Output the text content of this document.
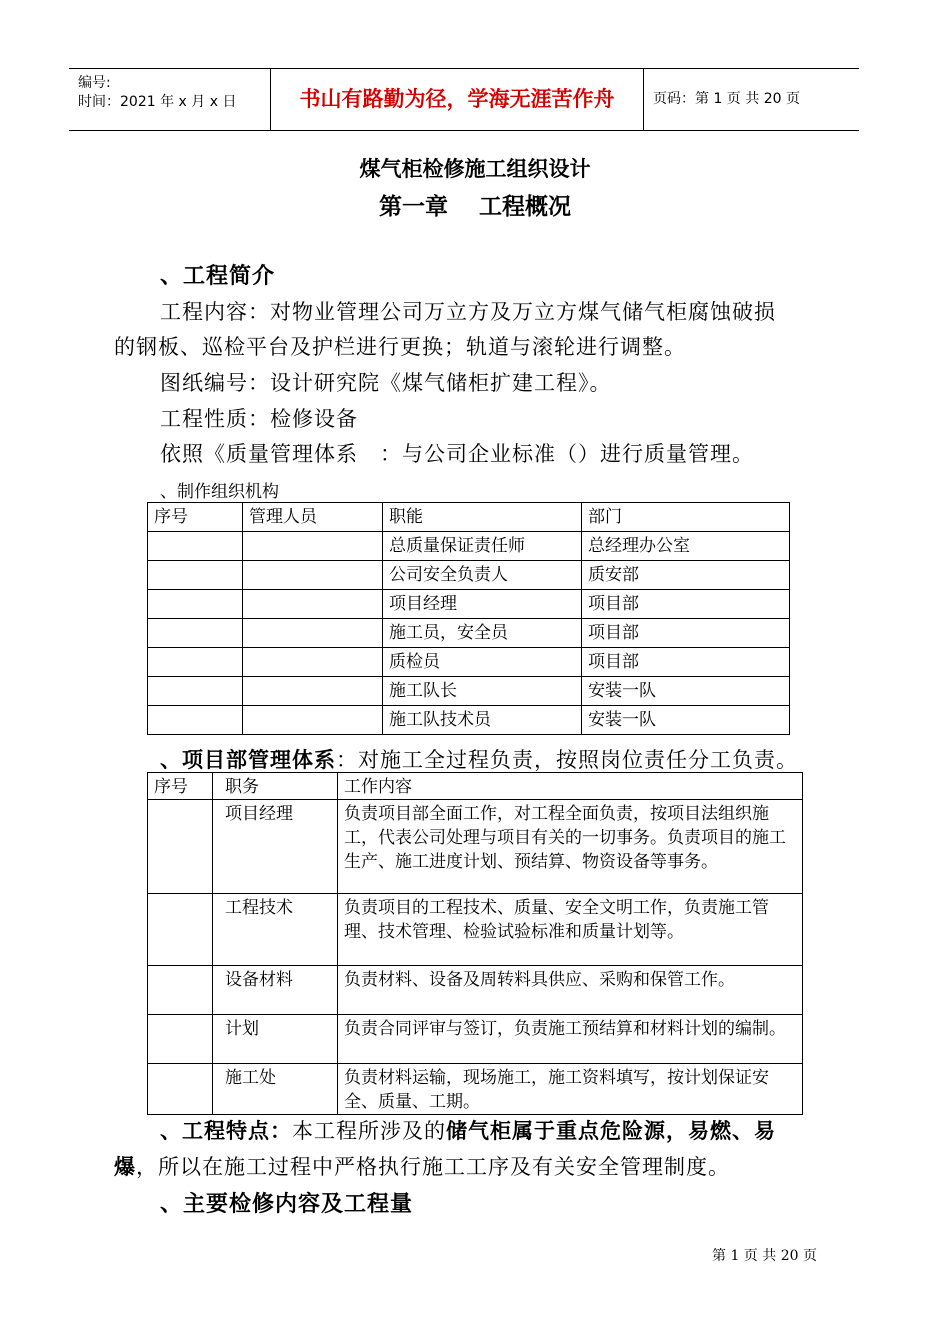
编号:
时间：2021 年 x 月 x 日	书山有路勤为径，学海无涯苦作舟	页码：第 1 页 共 20 页
煤气柜检修施工组织设计
第一章　 工程概况
、工程简介
工程内容：对物业管理公司万立方及万立方煤气储气柜腐蚀破损
的钢板、巡检平台及护栏进行更换；轨道与滚轮进行调整。
图纸编号：设计研究院《煤气储柜扩建工程》。
工程性质：检修设备
依照《质量管理体系　：与公司企业标准（）进行质量管理。
、制作组织机构
序号	管理人员	职能	部门
		总质量保证责任师	总经理办公室
		公司安全负责人	质安部
		项目经理	项目部
		施工员，安全员	项目部
		质检员	项目部
		施工队长	安装一队
		施工队技术员	安装一队
、项目部管理体系：对施工全过程负责，按照岗位责任分工负责。
序号	职务	工作内容
	项目经理	负责项目部全面工作，对工程全面负责，按项目法组织施工，代表公司处理与项目有关的一切事务。负责项目的施工生产、施工进度计划、预结算、物资设备等事务。
	工程技术	负责项目的工程技术、质量、安全文明工作，负责施工管理、技术管理、检验试验标准和质量计划等。
	设备材料	负责材料、设备及周转料具供应、采购和保管工作。
	计划	负责合同评审与签订，负责施工预结算和材料计划的编制。
	施工处	负责材料运输，现场施工，施工资料填写，按计划保证安全、质量、工期。
、工程特点：本工程所涉及的储气柜属于重点危险源，易燃、易
爆，所以在施工过程中严格执行施工工序及有关安全管理制度。
、主要检修内容及工程量
第 1 页 共 20 页
